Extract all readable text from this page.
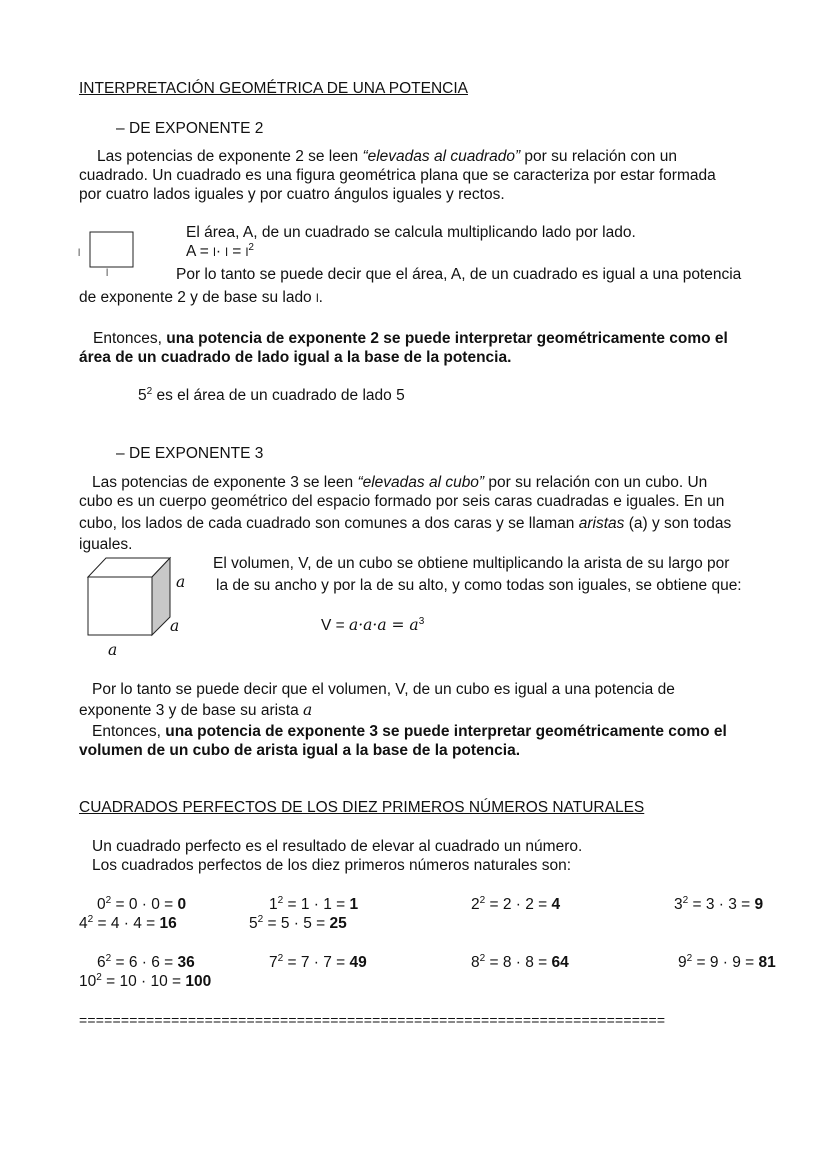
INTERPRETACIÓN GEOMÉTRICA DE UNA POTENCIA
– DE EXPONENTE 2
Las potencias de exponente 2 se leen “elevadas al cuadrado” por su relación con un
cuadrado. Un cuadrado es una figura geométrica plana que se caracteriza por estar formada
por cuatro lados iguales y por cuatro ángulos iguales y rectos.
l
l
El área, A, de un cuadrado se calcula multiplicando lado por lado.
$A = l\cdot l = l^2$
Por lo tanto se puede decir que el área, A, de un cuadrado es igual a una potencia
de exponente 2 y de base su lado l.
Entonces, una potencia de exponente 2 se puede interpretar geométricamente como el
área de un cuadrado de lado igual a la base de la potencia.
$5^2$ es el área de un cuadrado de lado 5
– DE EXPONENTE 3
Las potencias de exponente 3 se leen “elevadas al cubo” por su relación con un cubo. Un
cubo es un cuerpo geométrico del espacio formado por seis caras cuadradas e iguales. En un
cubo, los lados de cada cuadrado son comunes a dos caras y se llaman aristas (a) y son todas
iguales.
a
a
a
El volumen, V, de un cubo se obtiene multiplicando la arista de su largo por
la de su ancho y por la de su alto, y como todas son iguales, se obtiene que:
$V = a\cdot a\cdot a = a^3$
Por lo tanto se puede decir que el volumen, V, de un cubo es igual a una potencia de
exponente 3 y de base su arista a
Entonces, una potencia de exponente 3 se puede interpretar geométricamente como el
volumen de un cubo de arista igual a la base de la potencia.
CUADRADOS PERFECTOS DE LOS DIEZ PRIMEROS NÚMEROS NATURALES
Un cuadrado perfecto es el resultado de elevar al cuadrado un número.
Los cuadrados perfectos de los diez primeros números naturales son:
$0^2 = 0 \cdot 0 = 0$	$1^2 = 1 \cdot 1 = 1$	$2^2 = 2 \cdot 2 = 4$	$3^2 = 3 \cdot 3 = 9$
$4^2 = 4 \cdot 4 = 16$	$5^2 = 5 \cdot 5 = 25$
$6^2 = 6 \cdot 6 = 36$	$7^2 = 7 \cdot 7 = 49$	$8^2 = 8 \cdot 8 = 64$	$9^2 = 9 \cdot 9 = 81$
$10^2 = 10 \cdot 10 = 100$
======================================================================
